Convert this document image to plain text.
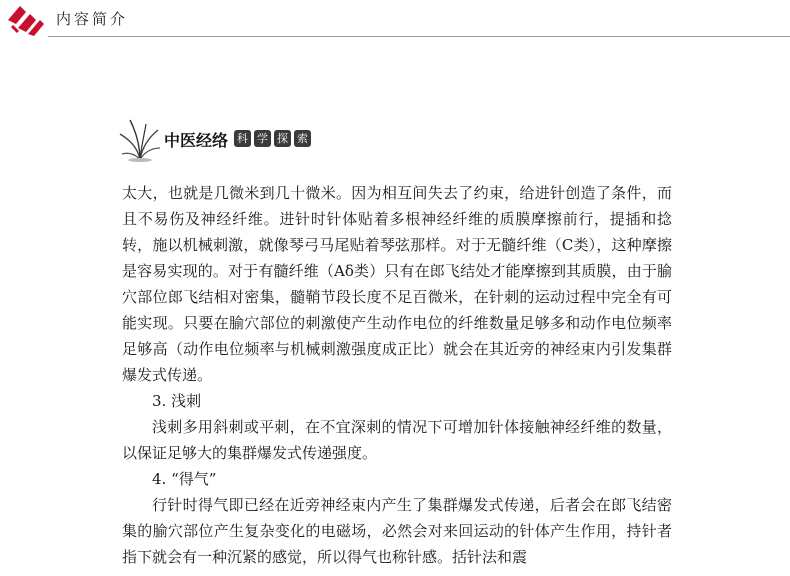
内容简介
中医经络 科 学 探 索

太大，也就是几微米到几十微米。因为相互间失去了约束，给进针创造了条件，而且不易伤及神经纤维。进针时针体贴着多根神经纤维的质膜摩擦前行，提插和捻转，施以机械刺激，就像琴弓马尾贴着琴弦那样。对于无髓纤维（C类），这种摩擦是容易实现的。对于有髓纤维（Aδ类）只有在郎飞结处才能摩擦到其质膜，由于腧穴部位郎飞结相对密集，髓鞘节段长度不足百微米，在针刺的运动过程中完全有可能实现。只要在腧穴部位的刺激使产生动作电位的纤维数量足够多和动作电位频率足够高（动作电位频率与机械刺激强度成正比）就会在其近旁的神经束内引发集群爆发式传递。

3. 浅刺

浅刺多用斜刺或平刺，在不宜深刺的情况下可增加针体接触神经纤维的数量，以保证足够大的集群爆发式传递强度。

4. “得气”

行针时得气即已经在近旁神经束内产生了集群爆发式传递，后者会在郎飞结密集的腧穴部位产生复杂变化的电磁场，必然会对来回运动的针体产生作用，持针者指下就会有一种沉紧的感觉，所以得气也称针感。括针法和震
